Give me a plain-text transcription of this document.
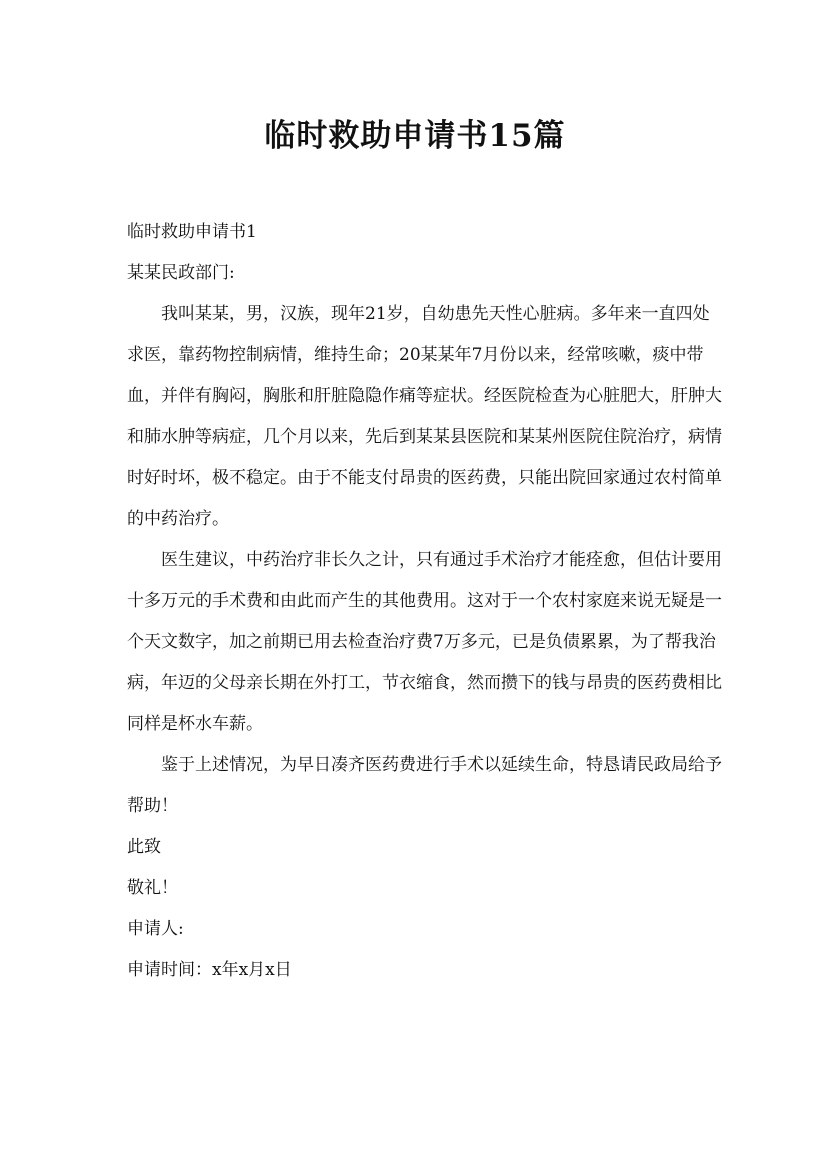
临时救助申请书15篇
临时救助申请书1
某某民政部门:
我叫某某，男，汉族，现年21岁，自幼患先天性心脏病。多年来一直四处
求医，靠药物控制病情，维持生命；20某某年7月份以来，经常咳嗽，痰中带
血，并伴有胸闷，胸胀和肝脏隐隐作痛等症状。经医院检查为心脏肥大，肝肿大
和肺水肿等病症，几个月以来，先后到某某县医院和某某州医院住院治疗，病情
时好时坏，极不稳定。由于不能支付昂贵的医药费，只能出院回家通过农村简单
的中药治疗。
医生建议，中药治疗非长久之计，只有通过手术治疗才能痊愈，但估计要用
十多万元的手术费和由此而产生的其他费用。这对于一个农村家庭来说无疑是一
个天文数字，加之前期已用去检查治疗费7万多元，已是负债累累，为了帮我治
病，年迈的父母亲长期在外打工，节衣缩食，然而攒下的钱与昂贵的医药费相比
同样是杯水车薪。
鉴于上述情况，为早日凑齐医药费进行手术以延续生命，特恳请民政局给予
帮助！
此致
敬礼！
申请人:
申请时间：x年x月x日
